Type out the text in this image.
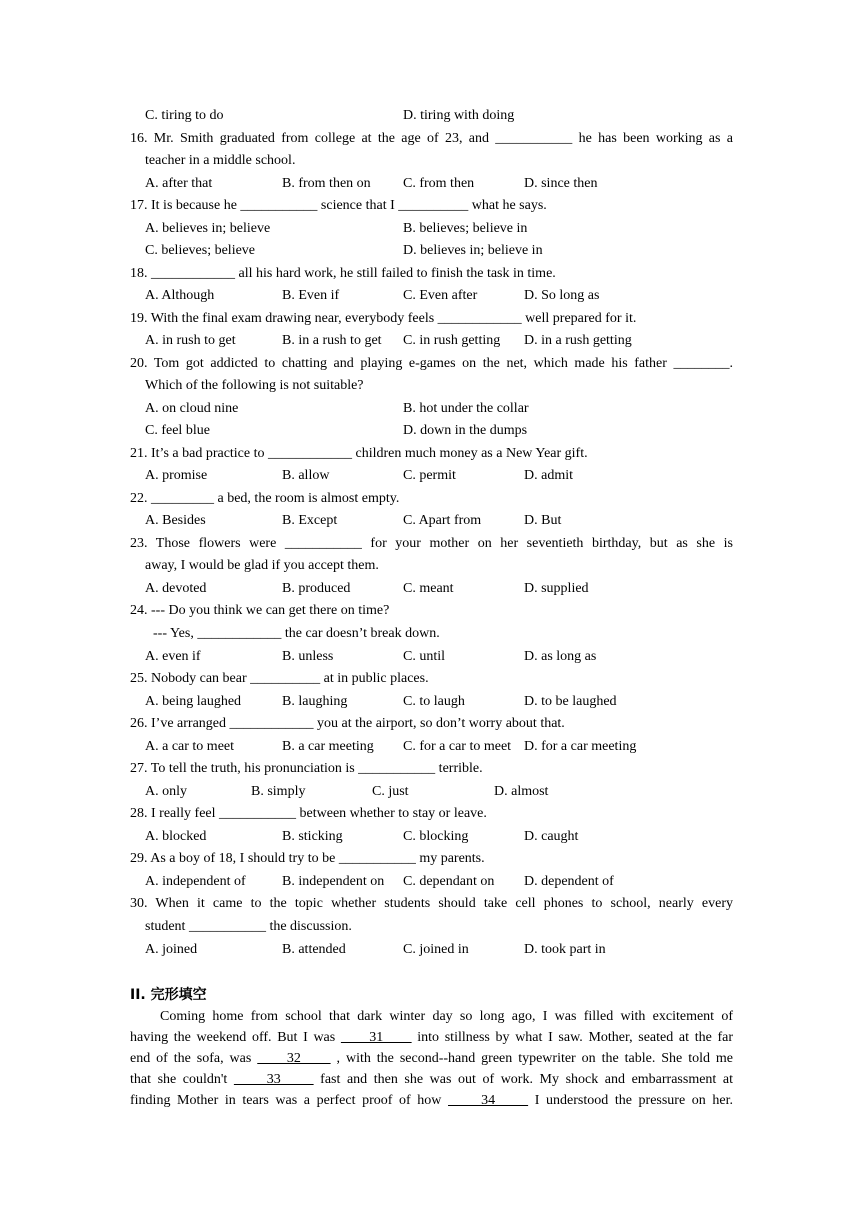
C. tiring to do	D. tiring with doing
16. Mr. Smith graduated from college at the age of 23, and ___________ he has been working as a
teacher in a middle school.
A. after that	B. from then on C. from then	D. since then
17. It is because he ___________ science that I __________ what he says.
A. believes in; believe	B. believes; believe in
C. believes; believe	D. believes in; believe in
18. ____________ all his hard work, he still failed to finish the task in time.
A. Although	B. Even if	C. Even after	D. So long as
19. With the final exam drawing near, everybody feels ____________ well prepared for it.
A. in rush to get	B. in a rush to get C. in rush getting D. in a rush getting
20. Tom got addicted to chatting and playing e-games on the net, which made his father ________.
Which of the following is not suitable?
A. on cloud nine	B. hot under the collar
C. feel blue	D. down in the dumps
21. It’s a bad practice to ____________ children much money as a New Year gift.
A. promise	B. allow	C. permit	D. admit
22. _________ a bed, the room is almost empty.
A. Besides	B. Except	C. Apart from	D. But
23. Those flowers were ___________ for your mother on her seventieth birthday, but as she is
away, I would be glad if you accept them.
A. devoted	B. produced	C. meant	D. supplied
24. --- Do you think we can get there on time?
--- Yes, ____________ the car doesn’t break down.
A. even if	B. unless	C. until	D. as long as
25. Nobody can bear __________ at in public places.
A. being laughed	B. laughing	C. to laugh	D. to be laughed
26. I’ve arranged ____________ you at the airport, so don’t worry about that.
A. a car to meet	B. a car meeting C. for a car to meet D. for a car meeting
27. To tell the truth, his pronunciation is ___________ terrible.
A. only	B. simply	C. just	D. almost
28. I really feel ___________ between whether to stay or leave.
A. blocked	B. sticking	C. blocking	D. caught
29. As a boy of 18, I should try to be ___________ my parents.
A. independent of	B. independent on C. dependant on D. dependent of
30. When it came to the topic whether students should take cell phones to school, nearly every
student ___________ the discussion.
A. joined	B. attended	C. joined in	D. took part in
II. 完形填空
Coming home from school that dark winter day so long ago, I was filled with excitement of
having the weekend off. But I was      31      into stillness by what I saw. Mother, seated at the far
end of the sofa, was      32      , with the second--hand green typewriter on the table. She told me
that she couldn't      33      fast and then she was out of work. My shock and embarrassment at
finding Mother in tears was a perfect proof of how      34      I understood the pressure on her.
